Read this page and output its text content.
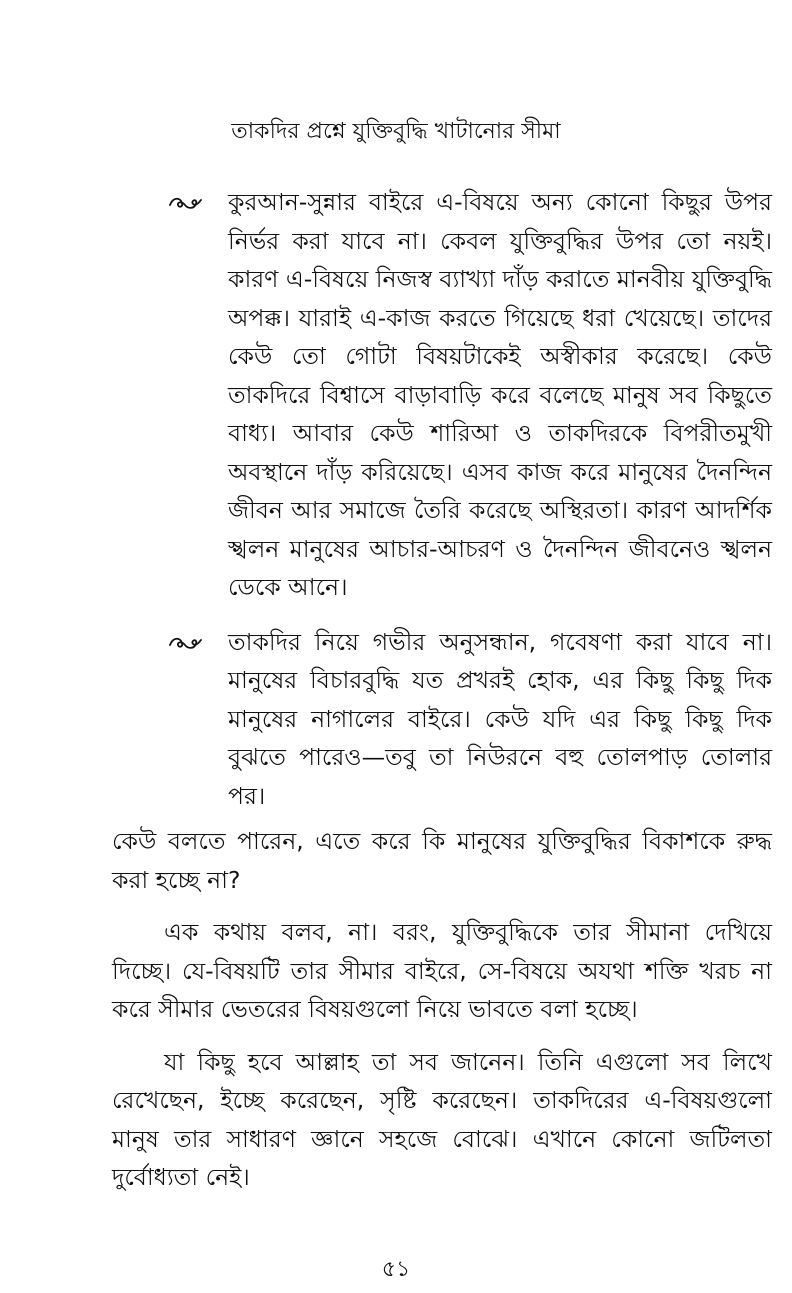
তাকদির প্রশ্নে যুক্তিবুদ্ধি খাটানোর সীমা

কুরআন-সুন্নার বাইরে এ-বিষয়ে অন্য কোনো কিছুর উপর নির্ভর করা যাবে না। কেবল যুক্তিবুদ্ধির উপর তো নয়ই। কারণ এ-বিষয়ে নিজস্ব ব্যাখ্যা দাঁড় করাতে মানবীয় যুক্তিবুদ্ধি অপক্ক। যারাই এ-কাজ করতে গিয়েছে ধরা খেয়েছে। তাদের কেউ তো গোটা বিষয়টাকেই অস্বীকার করেছে। কেউ তাকদিরে বিশ্বাসে বাড়াবাড়ি করে বলেছে মানুষ সব কিছুতে বাধ্য। আবার কেউ শারিআ ও তাকদিরকে বিপরীতমুখী অবস্থানে দাঁড় করিয়েছে। এসব কাজ করে মানুষের দৈনন্দিন জীবন আর সমাজে তৈরি করেছে অস্থিরতা। কারণ আদর্শিক স্খলন মানুষের আচার-আচরণ ও দৈনন্দিন জীবনেও স্খলন ডেকে আনে।

তাকদির নিয়ে গভীর অনুসন্ধান, গবেষণা করা যাবে না। মানুষের বিচারবুদ্ধি যত প্রখরই হোক, এর কিছু কিছু দিক মানুষের নাগালের বাইরে। কেউ যদি এর কিছু কিছু দিক বুঝতে পারেও—তবু তা নিউরনে বহু তোলপাড় তোলার পর।

কেউ বলতে পারেন, এতে করে কি মানুষের যুক্তিবুদ্ধির বিকাশকে রুদ্ধ করা হচ্ছে না?

এক কথায় বলব, না। বরং, যুক্তিবুদ্ধিকে তার সীমানা দেখিয়ে দিচ্ছে। যে-বিষয়টি তার সীমার বাইরে, সে-বিষয়ে অযথা শক্তি খরচ না করে সীমার ভেতরের বিষয়গুলো নিয়ে ভাবতে বলা হচ্ছে।

যা কিছু হবে আল্লাহ তা সব জানেন। তিনি এগুলো সব লিখে রেখেছেন, ইচ্ছে করেছেন, সৃষ্টি করেছেন। তাকদিরের এ-বিষয়গুলো মানুষ তার সাধারণ জ্ঞানে সহজে বোঝে। এখানে কোনো জটিলতা দুর্বোধ্যতা নেই।

৫১
